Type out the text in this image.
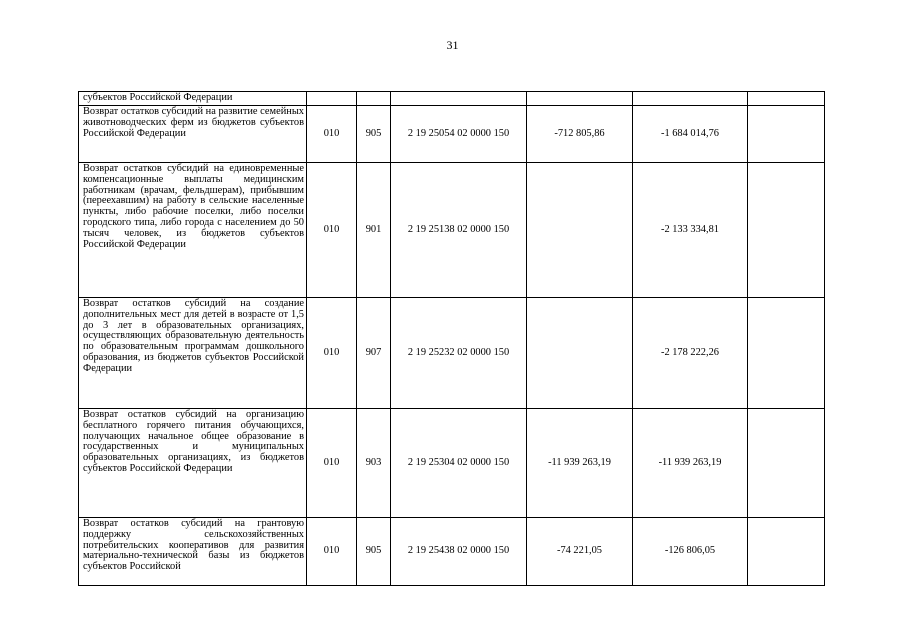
31
субъектов Российской Федерации						
Возврат остатков субсидий на развитие семейных животноводческих ферм из бюджетов субъектов Российской Федерации	010	905	2 19 25054 02 0000 150	-712 805,86	-1 684 014,76	
Возврат остатков субсидий на единовременные компенсационные выплаты медицинским работникам (врачам, фельдшерам), прибывшим (переехавшим) на работу в сельские населенные пункты, либо рабочие поселки, либо поселки городского типа, либо города с населением до 50 тысяч человек, из бюджетов субъектов Российской Федерации	010	901	2 19 25138 02 0000 150		-2 133 334,81	
Возврат остатков субсидий на создание дополнительных мест для детей в возрасте от 1,5 до 3 лет в образовательных организациях, осуществляющих образовательную деятельность по образовательным программам дошкольного образования, из бюджетов субъектов Российской Федерации	010	907	2 19 25232 02 0000 150		-2 178 222,26	
Возврат остатков субсидий на организацию бесплатного горячего питания обучающихся, получающих начальное общее образование в государственных и муниципальных образовательных организациях, из бюджетов субъектов Российской Федерации	010	903	2 19 25304 02 0000 150	-11 939 263,19	-11 939 263,19	
Возврат остатков субсидий на грантовую поддержку сельскохозяйственных потребительских кооперативов для развития материально-технической базы из бюджетов субъектов Российской	010	905	2 19 25438 02 0000 150	-74 221,05	-126 806,05	
